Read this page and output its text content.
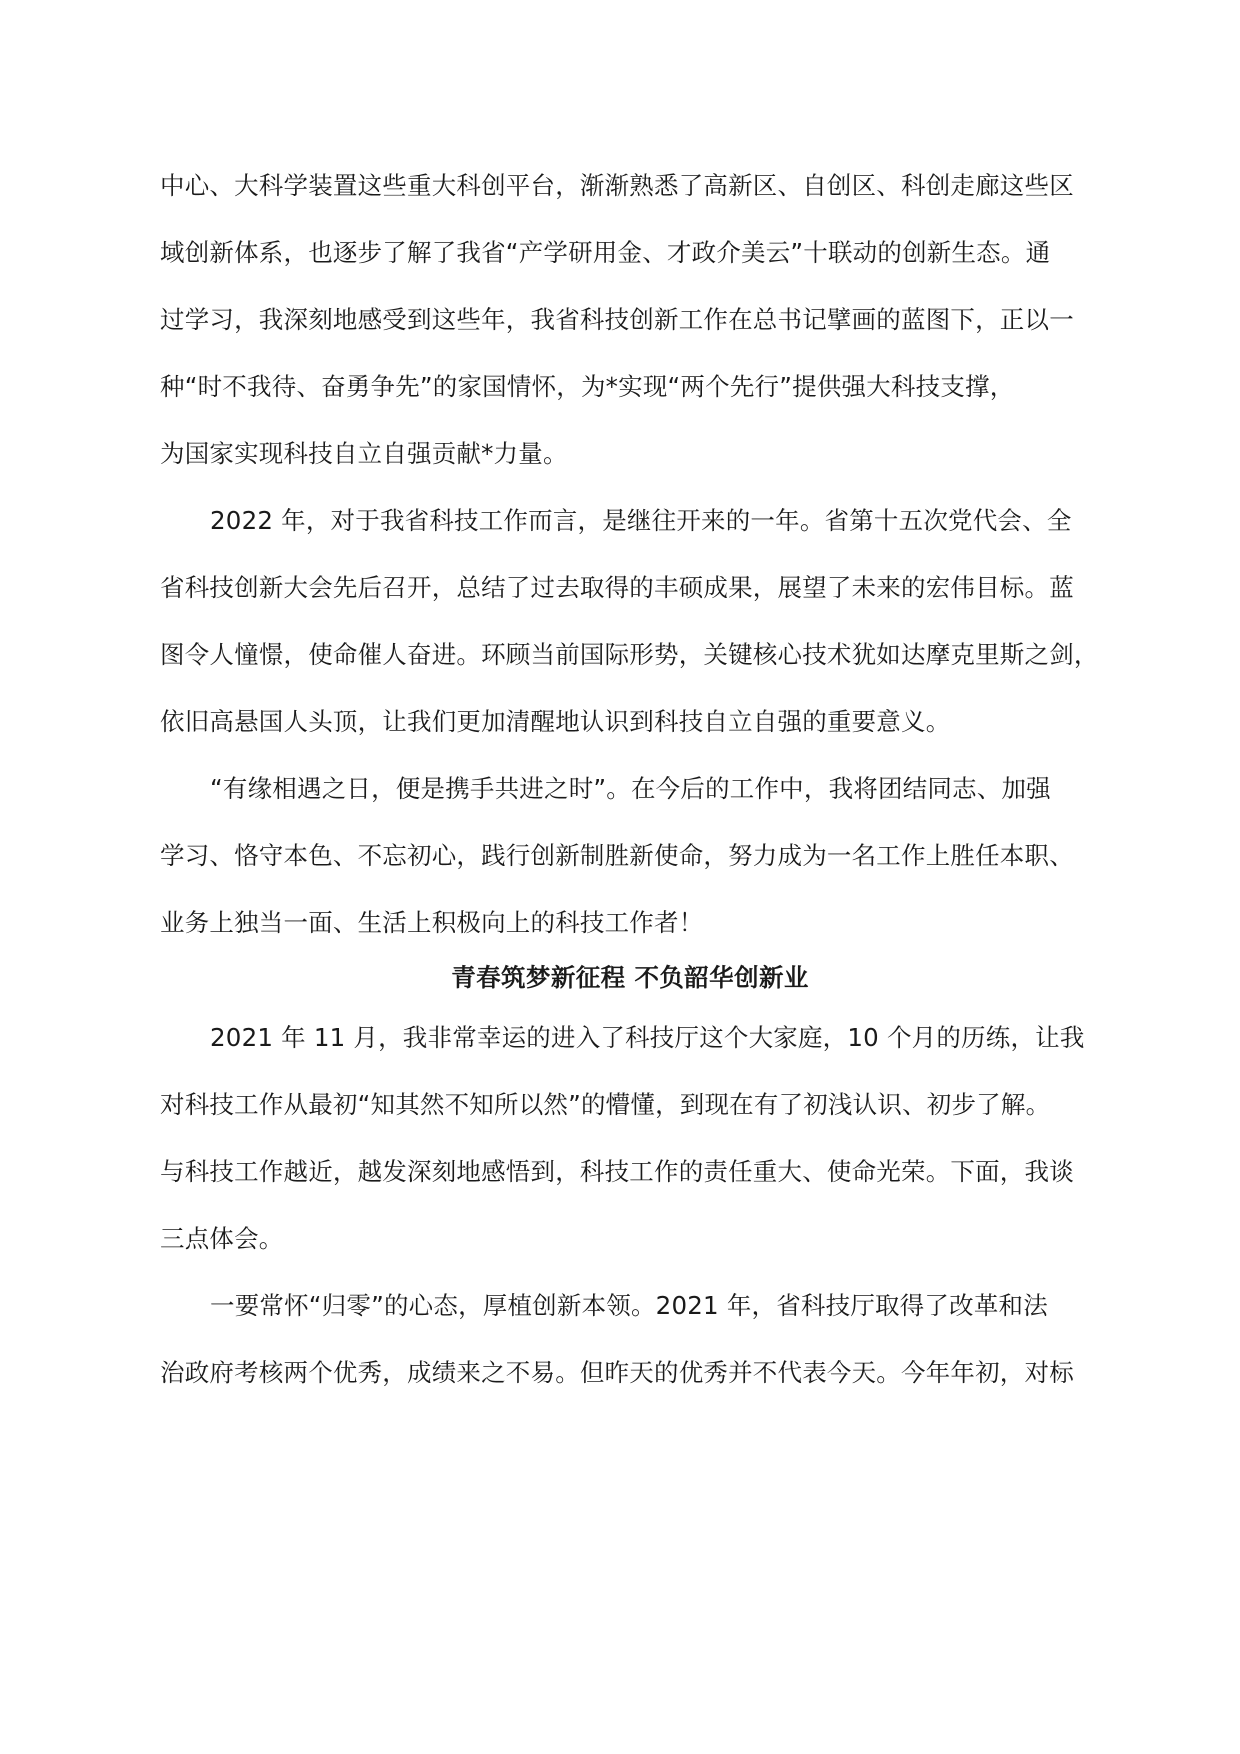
中心、大科学装置这些重大科创平台，渐渐熟悉了高新区、自创区、科创走廊这些区
域创新体系，也逐步了解了我省“产学研用金、才政介美云”十联动的创新生态。通
过学习，我深刻地感受到这些年，我省科技创新工作在总书记擘画的蓝图下，正以一
种“时不我待、奋勇争先”的家国情怀，为*实现“两个先行”提供强大科技支撑，
为国家实现科技自立自强贡献*力量。
2022 年，对于我省科技工作而言，是继往开来的一年。省第十五次党代会、全
省科技创新大会先后召开，总结了过去取得的丰硕成果，展望了未来的宏伟目标。蓝
图令人憧憬，使命催人奋进。环顾当前国际形势，关键核心技术犹如达摩克里斯之剑，
依旧高悬国人头顶，让我们更加清醒地认识到科技自立自强的重要意义。
“有缘相遇之日，便是携手共进之时”。在今后的工作中，我将团结同志、加强
学习、恪守本色、不忘初心，践行创新制胜新使命，努力成为一名工作上胜任本职、
业务上独当一面、生活上积极向上的科技工作者！
青春筑梦新征程 不负韶华创新业
2021 年 11 月，我非常幸运的进入了科技厅这个大家庭，10 个月的历练，让我
对科技工作从最初“知其然不知所以然”的懵懂，到现在有了初浅认识、初步了解。
与科技工作越近，越发深刻地感悟到，科技工作的责任重大、使命光荣。下面，我谈
三点体会。
一要常怀“归零”的心态，厚植创新本领。2021 年，省科技厅取得了改革和法
治政府考核两个优秀，成绩来之不易。但昨天的优秀并不代表今天。今年年初，对标
